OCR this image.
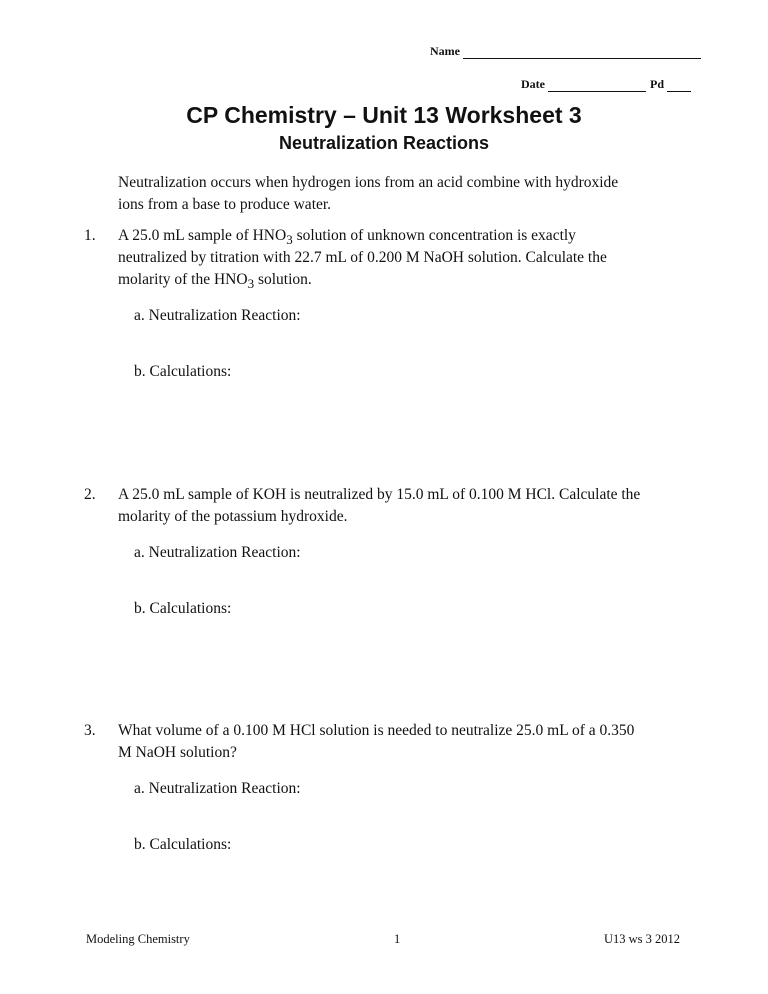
Name
Date	Pd
CP Chemistry – Unit 13 Worksheet 3
Neutralization Reactions
Neutralization occurs when hydrogen ions from an acid combine with hydroxide
ions from a base to produce water.
1. A 25.0 mL sample of $HNO_3$ solution of unknown concentration is exactly
neutralized by titration with 22.7 mL of 0.200 M NaOH solution. Calculate the
molarity of the $HNO_3$ solution.
a. Neutralization Reaction:
b. Calculations:
2. A 25.0 mL sample of KOH is neutralized by 15.0 mL of 0.100 M HCl. Calculate the
molarity of the potassium hydroxide.
a. Neutralization Reaction:
b. Calculations:
3. What volume of a 0.100 M HCl solution is needed to neutralize 25.0 mL of a 0.350
M NaOH solution?
a. Neutralization Reaction:
b. Calculations:
Modeling Chemistry	1	U13 ws 3 2012
